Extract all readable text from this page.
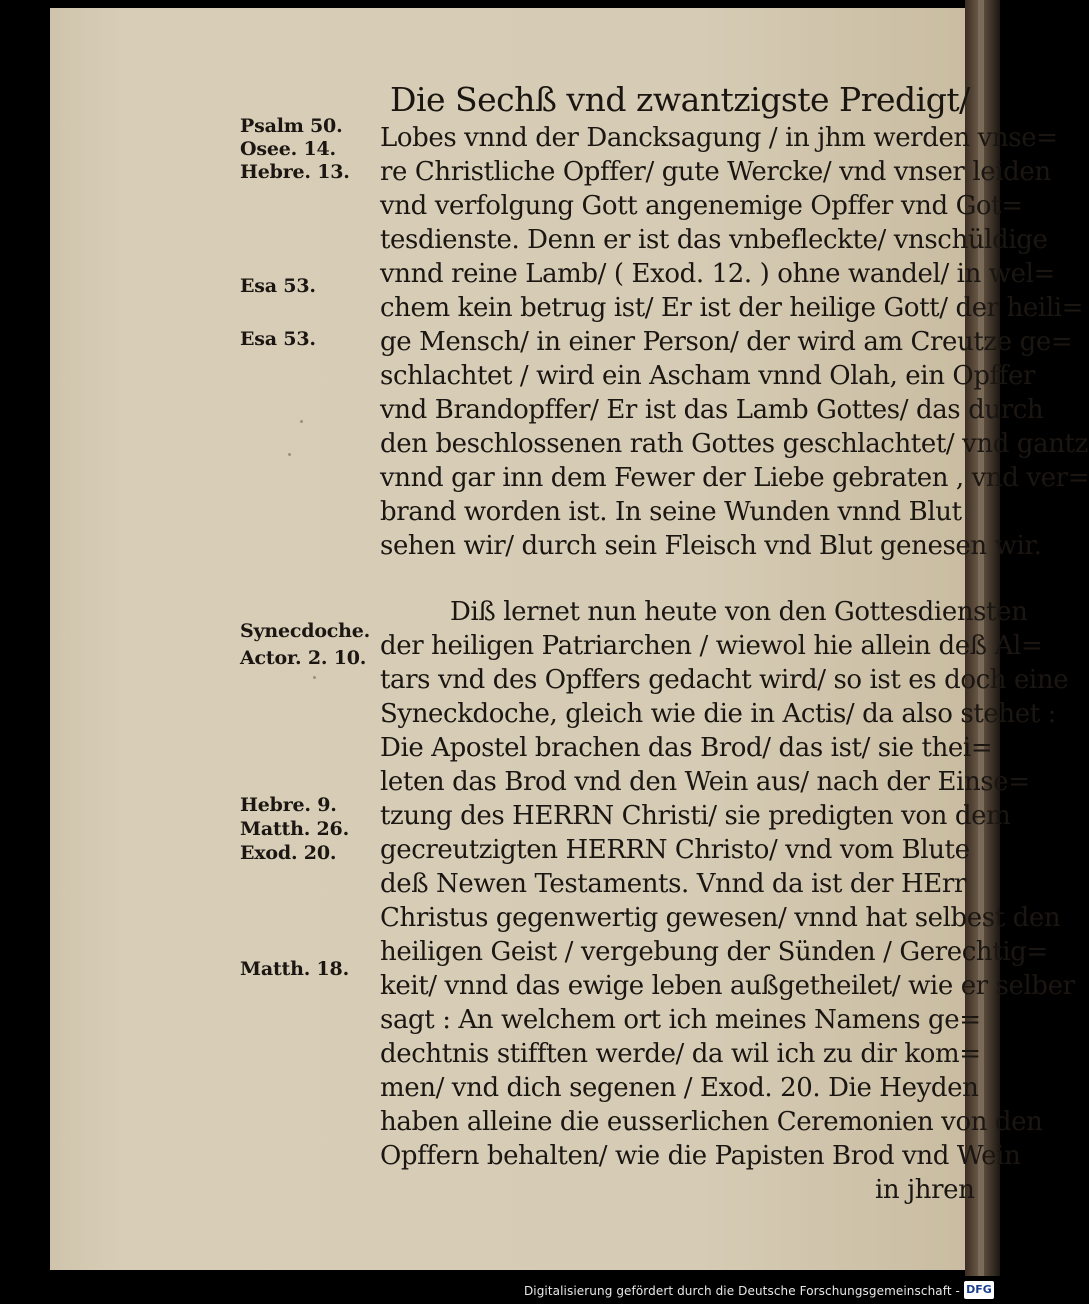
Die Sechß vnd zwantzigste Predigt/
Lobes vnnd der Dancksagung / in jhm werden vnse=
re Christliche Opffer/ gute Wercke/ vnd vnser leiden
vnd verfolgung Gott angenemige Opffer vnd Got=
tesdienste. Denn er ist das vnbefleckte/ vnschüldige
vnnd reine Lamb/ ( Exod. 12. ) ohne wandel/ in wel=
chem kein betrug ist/ Er ist der heilige Gott/ der heili=
ge Mensch/ in einer Person/ der wird am Creutze ge=
schlachtet / wird ein Ascham vnnd Olah, ein Opffer
vnd Brandopffer/ Er ist das Lamb Gottes/ das durch
den beschlossenen rath Gottes geschlachtet/ vnd gantz
vnnd gar inn dem Fewer der Liebe gebraten , vnd ver=
brand worden ist. In seine Wunden vnnd Blut
sehen wir/ durch sein Fleisch vnd Blut genesen wir.
Diß lernet nun heute von den Gottesdiensten
der heiligen Patriarchen / wiewol hie allein deß Al=
tars vnd des Opffers gedacht wird/ so ist es doch eine
Syneckdoche, gleich wie die in Actis/ da also stehet :
Die Apostel brachen das Brod/ das ist/ sie thei=
leten das Brod vnd den Wein aus/ nach der Einse=
tzung des HERRN Christi/ sie predigten von dem
gecreutzigten HERRN Christo/ vnd vom Blute
deß Newen Testaments. Vnnd da ist der HErr
Christus gegenwertig gewesen/ vnnd hat selbest den
heiligen Geist / vergebung der Sünden / Gerechtig=
keit/ vnnd das ewige leben außgetheilet/ wie er selber
sagt : An welchem ort ich meines Namens ge=
dechtnis stifften werde/ da wil ich zu dir kom=
men/ vnd dich segenen / Exod. 20. Die Heyden
haben alleine die eusserlichen Ceremonien von den
Opffern behalten/ wie die Papisten Brod vnd Wein
in jhren
Psalm 50.
Osee. 14.
Hebre. 13.
Esa 53.
Esa 53.
Synecdoche.
Actor. 2. 10.
Hebre. 9.
Matth. 26.
Exod. 20.
Matth. 18.
Digitalisierung gefördert durch die Deutsche Forschungsgemeinschaft - DFG
